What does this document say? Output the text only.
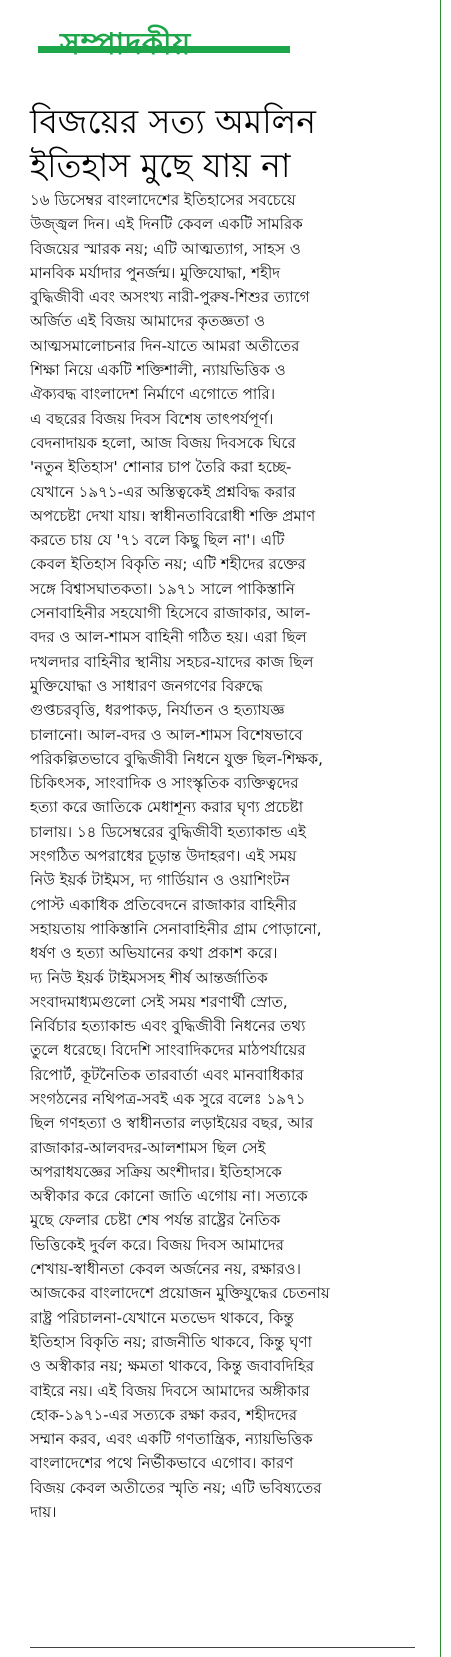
সম্পাদকীয়
বিজয়ের সত্য অমলিন
ইতিহাস মুছে যায় না
১৬ ডিসেম্বর বাংলাদেশের ইতিহাসের সবচেয়ে
উজ্জ্বল দিন। এই দিনটি কেবল একটি সামরিক
বিজয়ের স্মারক নয়; এটি আত্মত্যাগ, সাহস ও
মানবিক মর্যাদার পুনর্জন্ম। মুক্তিযোদ্ধা, শহীদ
বুদ্ধিজীবী এবং অসংখ্য নারী-পুরুষ-শিশুর ত্যাগে
অর্জিত এই বিজয় আমাদের কৃতজ্ঞতা ও
আত্মসমালোচনার দিন-যাতে আমরা অতীতের
শিক্ষা নিয়ে একটি শক্তিশালী, ন্যায়ভিত্তিক ও
ঐক্যবদ্ধ বাংলাদেশ নির্মাণে এগোতে পারি।
এ বছরের বিজয় দিবস বিশেষ তাৎপর্যপূর্ণ।
বেদনাদায়ক হলো, আজ বিজয় দিবসকে ঘিরে
'নতুন ইতিহাস' শোনার চাপ তৈরি করা হচ্ছে-
যেখানে ১৯৭১-এর অস্তিত্বকেই প্রশ্নবিদ্ধ করার
অপচেষ্টা দেখা যায়। স্বাধীনতাবিরোধী শক্তি প্রমাণ
করতে চায় যে '৭১ বলে কিছু ছিল না'। এটি
কেবল ইতিহাস বিকৃতি নয়; এটি শহীদের রক্তের
সঙ্গে বিশ্বাসঘাতকতা। ১৯৭১ সালে পাকিস্তানি
সেনাবাহিনীর সহযোগী হিসেবে রাজাকার, আল-
বদর ও আল-শামস বাহিনী গঠিত হয়। এরা ছিল
দখলদার বাহিনীর স্থানীয় সহচর-যাদের কাজ ছিল
মুক্তিযোদ্ধা ও সাধারণ জনগণের বিরুদ্ধে
গুপ্তচরবৃত্তি, ধরপাকড়, নির্যাতন ও হত্যাযজ্ঞ
চালানো। আল-বদর ও আল-শামস বিশেষভাবে
পরিকল্পিতভাবে বুদ্ধিজীবী নিধনে যুক্ত ছিল-শিক্ষক,
চিকিৎসক, সাংবাদিক ও সাংস্কৃতিক ব্যক্তিত্বদের
হত্যা করে জাতিকে মেধাশূন্য করার ঘৃণ্য প্রচেষ্টা
চালায়। ১৪ ডিসেম্বরের বুদ্ধিজীবী হত্যাকান্ড এই
সংগঠিত অপরাধের চূড়ান্ত উদাহরণ। এই সময়
নিউ ইয়র্ক টাইমস, দ্য গার্ডিয়ান ও ওয়াশিংটন
পোস্ট একাধিক প্রতিবেদনে রাজাকার বাহিনীর
সহায়তায় পাকিস্তানি সেনাবাহিনীর গ্রাম পোড়ানো,
ধর্ষণ ও হত্যা অভিযানের কথা প্রকাশ করে।
দ্য নিউ ইয়র্ক টাইমসসহ শীর্ষ আন্তর্জাতিক
সংবাদমাধ্যমগুলো সেই সময় শরণার্থী স্রোত,
নির্বিচার হত্যাকান্ড এবং বুদ্ধিজীবী নিধনের তথ্য
তুলে ধরেছে। বিদেশি সাংবাদিকদের মাঠপর্যায়ের
রিপোর্ট, কূটনৈতিক তারবার্তা এবং মানবাধিকার
সংগঠনের নথিপত্র-সবই এক সুরে বলেঃ ১৯৭১
ছিল গণহত্যা ও স্বাধীনতার লড়াইয়ের বছর, আর
রাজাকার-আলবদর-আলশামস ছিল সেই
অপরাধযজ্ঞের সক্রিয় অংশীদার। ইতিহাসকে
অস্বীকার করে কোনো জাতি এগোয় না। সত্যকে
মুছে ফেলার চেষ্টা শেষ পর্যন্ত রাষ্ট্রের নৈতিক
ভিত্তিকেই দুর্বল করে। বিজয় দিবস আমাদের
শেখায়-স্বাধীনতা কেবল অর্জনের নয়, রক্ষারও।
আজকের বাংলাদেশে প্রয়োজন মুক্তিযুদ্ধের চেতনায়
রাষ্ট্র পরিচালনা-যেখানে মতভেদ থাকবে, কিন্তু
ইতিহাস বিকৃতি নয়; রাজনীতি থাকবে, কিন্তু ঘৃণা
ও অস্বীকার নয়; ক্ষমতা থাকবে, কিন্তু জবাবদিহির
বাইরে নয়। এই বিজয় দিবসে আমাদের অঙ্গীকার
হোক-১৯৭১-এর সত্যকে রক্ষা করব, শহীদদের
সম্মান করব, এবং একটি গণতান্ত্রিক, ন্যায়ভিত্তিক
বাংলাদেশের পথে নির্ভীকভাবে এগোব। কারণ
বিজয় কেবল অতীতের স্মৃতি নয়; এটি ভবিষ্যতের
দায়।
